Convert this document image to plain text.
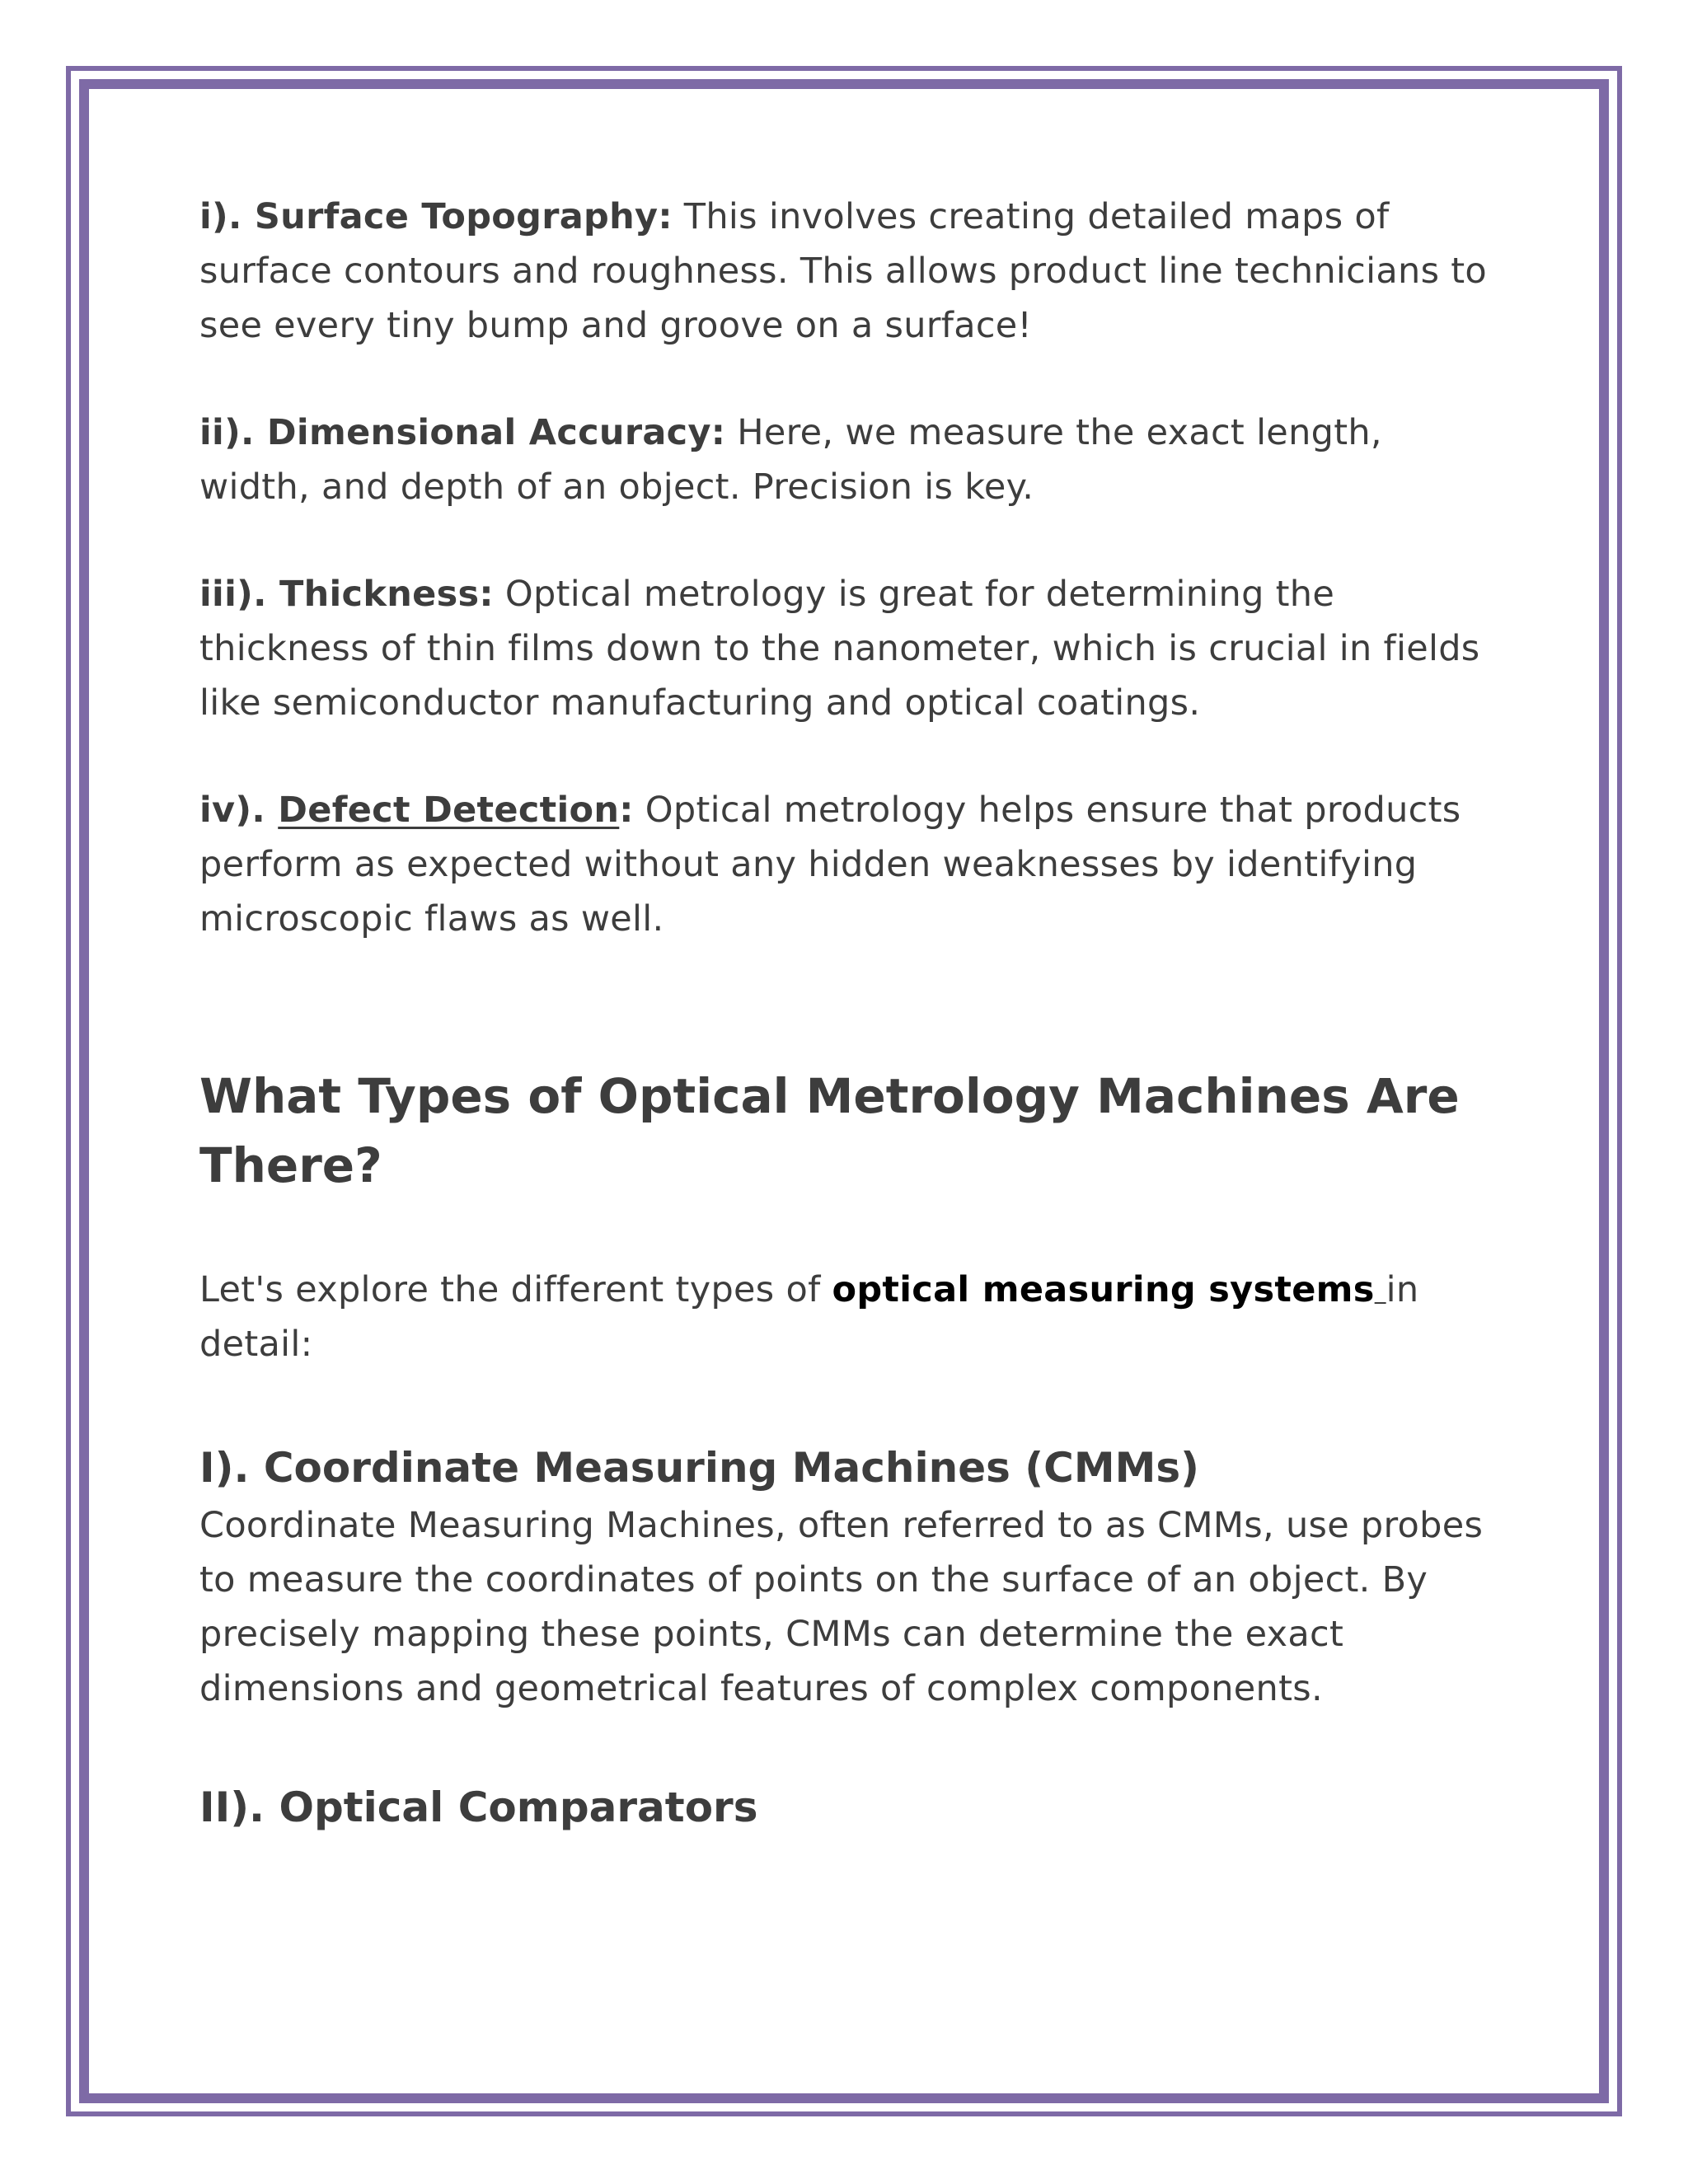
i). Surface Topography: This involves creating detailed maps of surface contours and roughness. This allows product line technicians to see every tiny bump and groove on a surface!

ii). Dimensional Accuracy: Here, we measure the exact length, width, and depth of an object. Precision is key.

iii). Thickness: Optical metrology is great for determining the thickness of thin films down to the nanometer, which is crucial in fields like semiconductor manufacturing and optical coatings.

iv). Defect Detection: Optical metrology helps ensure that products perform as expected without any hidden weaknesses by identifying microscopic flaws as well.

What Types of Optical Metrology Machines Are There?

Let's explore the different types of optical measuring systems in detail:

I). Coordinate Measuring Machines (CMMs)

Coordinate Measuring Machines, often referred to as CMMs, use probes to measure the coordinates of points on the surface of an object. By precisely mapping these points, CMMs can determine the exact dimensions and geometrical features of complex components.

II). Optical Comparators
